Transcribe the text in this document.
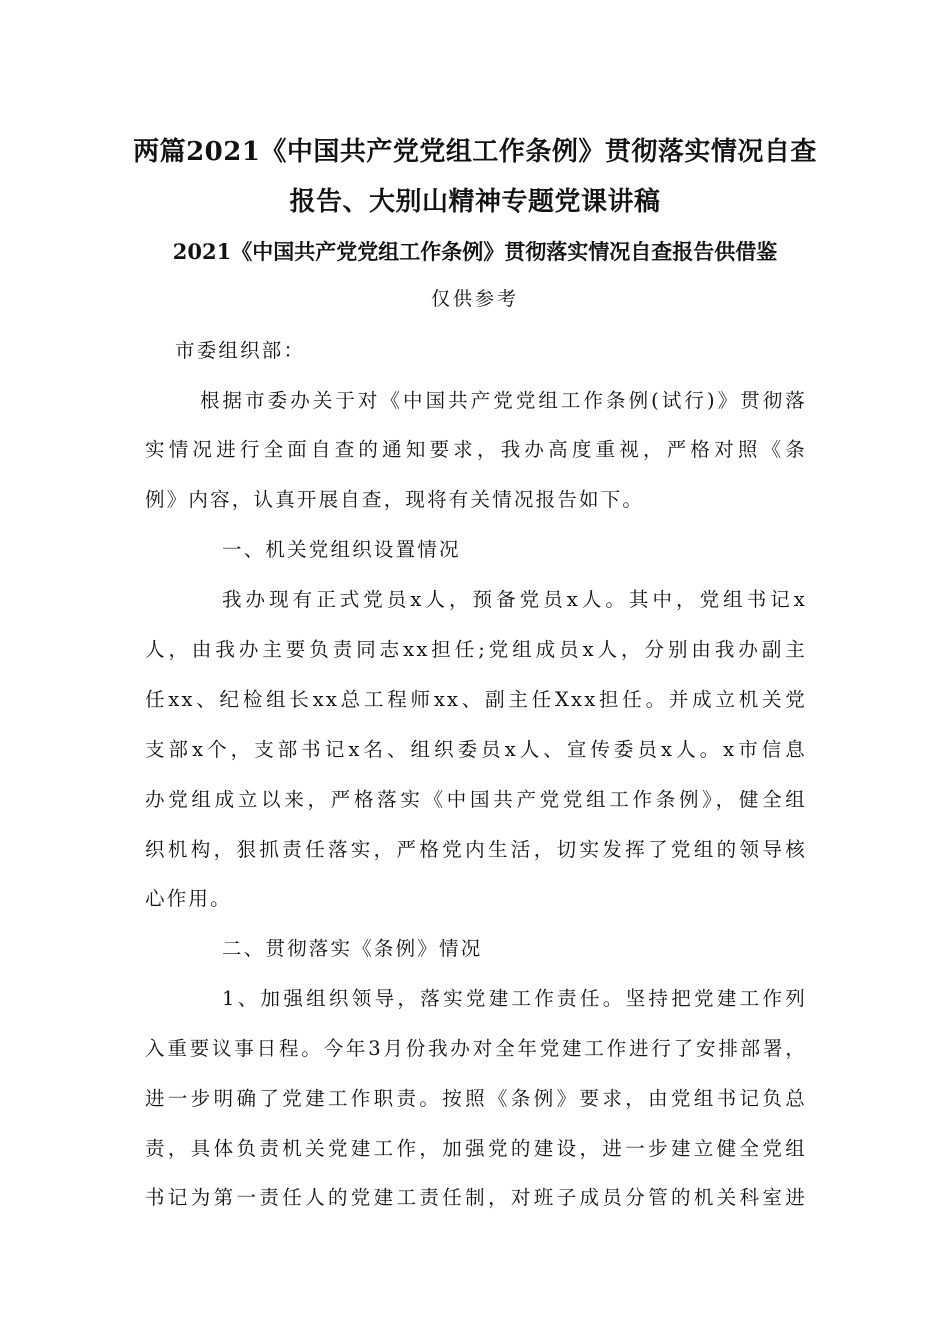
两篇2021《中国共产党党组工作条例》贯彻落实情况自查
报告、大别山精神专题党课讲稿
2021《中国共产党党组工作条例》贯彻落实情况自查报告供借鉴
仅供参考
市委组织部：
根据市委办关于对《中国共产党党组工作条例(试行)》贯彻落
实情况进行全面自查的通知要求，我办高度重视，严格对照《条
例》内容，认真开展自查，现将有关情况报告如下。
一、机关党组织设置情况
我办现有正式党员x人，预备党员x人。其中，党组书记x
人，由我办主要负责同志xx担任;党组成员x人，分别由我办副主
任xx、纪检组长xx总工程师xx、副主任Xxx担任。并成立机关党
支部x个，支部书记x名、组织委员x人、宣传委员x人。x市信息
办党组成立以来，严格落实《中国共产党党组工作条例》，健全组
织机构，狠抓责任落实，严格党内生活，切实发挥了党组的领导核
心作用。
二、贯彻落实《条例》情况
1、加强组织领导，落实党建工作责任。坚持把党建工作列
入重要议事日程。今年3月份我办对全年党建工作进行了安排部署，
进一步明确了党建工作职责。按照《条例》要求，由党组书记负总
责，具体负责机关党建工作，加强党的建设，进一步建立健全党组
书记为第一责任人的党建工责任制，对班子成员分管的机关科室进
